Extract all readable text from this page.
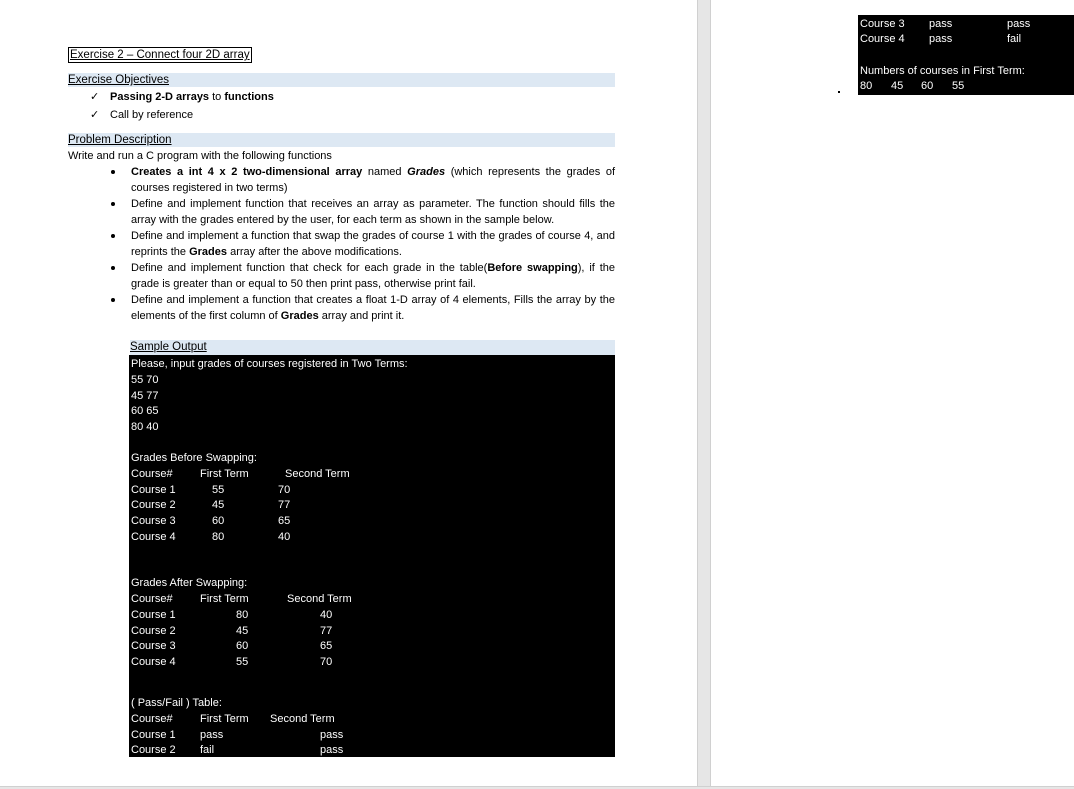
Exercise 2 – Connect four 2D array
Exercise Objectives
✓ Passing 2-D arrays to functions
✓ Call by reference
Problem Description
Write and run a C program with the following functions
Creates a int 4 x 2 two-dimensional array named Grades (which represents the grades of courses registered in two terms)
Define and implement function that receives an array as parameter. The function should fills the array with the grades entered by the user, for each term as shown in the sample below.
Define and implement a function that swap the grades of course 1 with the grades of course 4, and reprints the Grades array after the above modifications.
Define and implement function that check for each grade in the table(Before swapping), if the grade is greater than or equal to 50 then print pass, otherwise print fail.
Define and implement a function that creates a float 1-D array of 4 elements, Fills the array by the elements of the first column of Grades array and print it.
Sample Output
Please, input grades of courses registered in Two Terms:
55 70
45 77
60 65
80 40
Grades Before Swapping:
Course# First Term	Second Term
Course 1	55	70
Course 2	45	77
Course 3	60	65
Course 4	80	40
Grades After Swapping:
Course# First Term	Second Term
Course 1	80	40
Course 2	45	77
Course 3	60	65
Course 4	55	70
( Pass/Fail ) Table:
Course# First Term Second Term
Course 1 pass	pass
Course 2 fail	pass
Course 3 pass	pass
Course 4 pass	fail
Numbers of courses in First Term:
80 45 60 55
